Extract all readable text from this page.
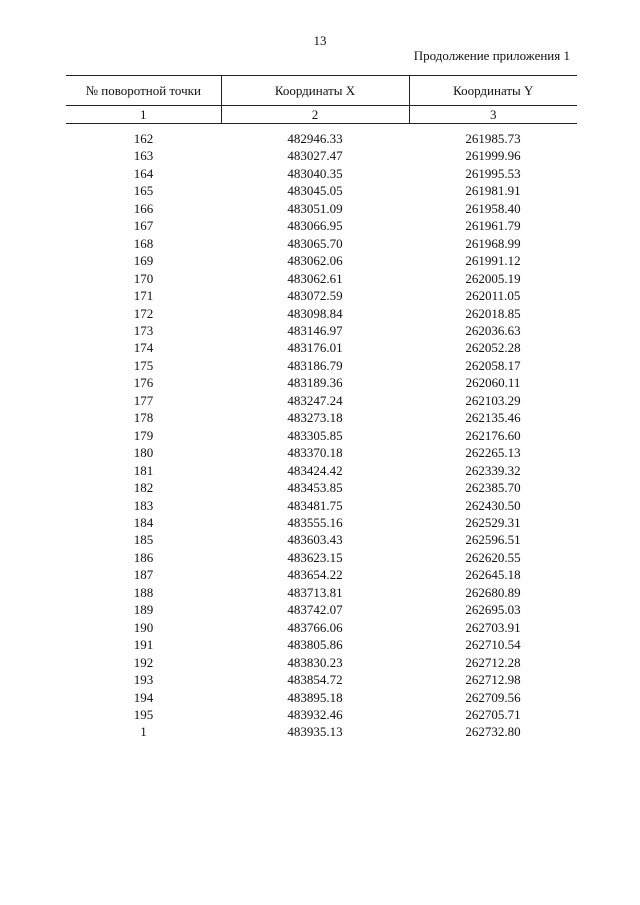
13
Продолжение приложения 1
№ поворотной точки	Координаты X	Координаты Y
1	2	3

162	482946.33	261985.73
163	483027.47	261999.96
164	483040.35	261995.53
165	483045.05	261981.91
166	483051.09	261958.40
167	483066.95	261961.79
168	483065.70	261968.99
169	483062.06	261991.12
170	483062.61	262005.19
171	483072.59	262011.05
172	483098.84	262018.85
173	483146.97	262036.63
174	483176.01	262052.28
175	483186.79	262058.17
176	483189.36	262060.11
177	483247.24	262103.29
178	483273.18	262135.46
179	483305.85	262176.60
180	483370.18	262265.13
181	483424.42	262339.32
182	483453.85	262385.70
183	483481.75	262430.50
184	483555.16	262529.31
185	483603.43	262596.51
186	483623.15	262620.55
187	483654.22	262645.18
188	483713.81	262680.89
189	483742.07	262695.03
190	483766.06	262703.91
191	483805.86	262710.54
192	483830.23	262712.28
193	483854.72	262712.98
194	483895.18	262709.56
195	483932.46	262705.71
1	483935.13	262732.80
